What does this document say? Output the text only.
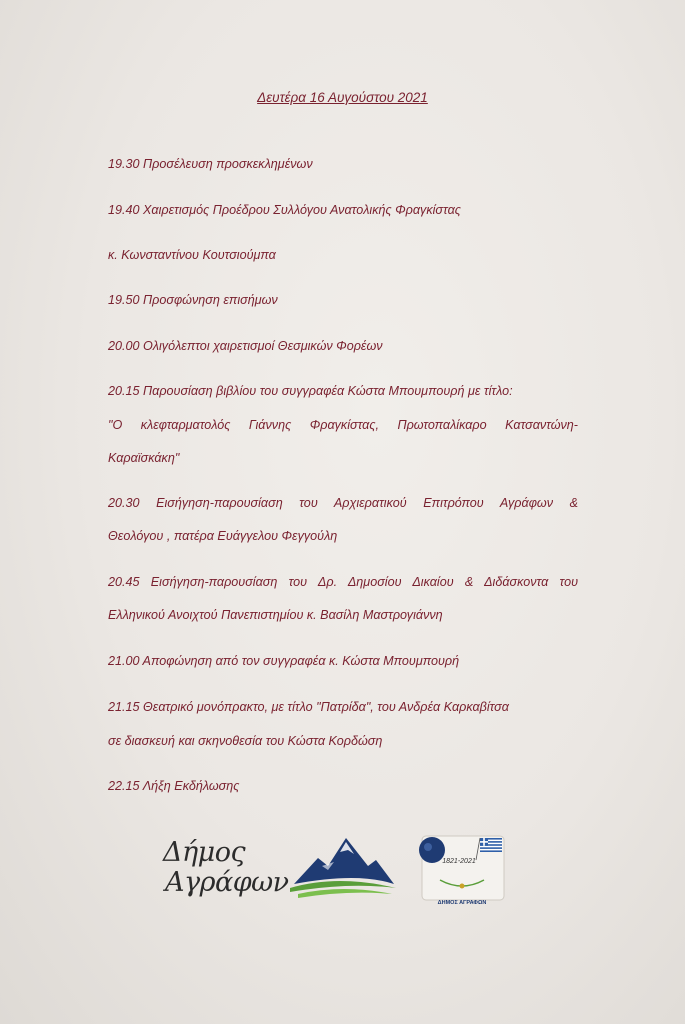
Δευτέρα 16 Αυγούστου 2021
19.30 Προσέλευση προσκεκλημένων
19.40 Χαιρετισμός Προέδρου Συλλόγου Ανατολικής Φραγκίστας
κ. Κωνσταντίνου Κουτσιούμπα
19.50 Προσφώνηση επισήμων
20.00 Ολιγόλεπτοι χαιρετισμοί Θεσμικών Φορέων
20.15 Παρουσίαση βιβλίου του συγγραφέα Κώστα Μπουμπουρή με τίτλο:
"Ο κλεφταρματολός Γιάννης Φραγκίστας, Πρωτοπαλίκαρο Κατσαντώνη-
Καραϊσκάκη"
20.30 Εισήγηση-παρουσίαση του Αρχιερατικού Επιτρόπου Αγράφων &
Θεολόγου , πατέρα Ευάγγελου Φεγγούλη
20.45 Εισήγηση-παρουσίαση του Δρ. Δημοσίου Δικαίου & Διδάσκοντα του
Ελληνικού Ανοιχτού Πανεπιστημίου κ. Βασίλη Μαστρογιάννη
21.00 Αποφώνηση από τον συγγραφέα κ. Κώστα Μπουμπουρή
21.15 Θεατρικό μονόπρακτο, με τίτλο "Πατρίδα", του Ανδρέα Καρκαβίτσα
σε διασκευή και σκηνοθεσία του Κώστα Κορδώση
22.15 Λήξη Εκδήλωσης
Δήμος
Αγράφων
1821-2021
ΔΗΜΟΣ ΑΓΡΑΦΩΝ
